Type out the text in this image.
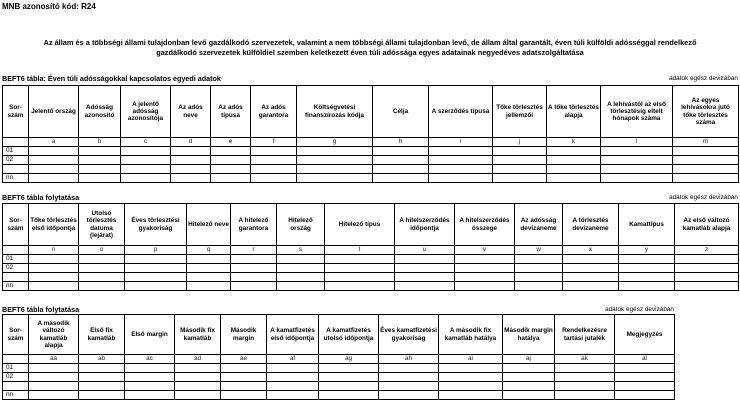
MNB azonosító kód: R24
Az állam és a többségi állami tulajdonban levő gazdálkodó szervezetek, valamint a nem többségi állami tulajdonban levő, de állam által garantált, éven túli külföldi adósséggal rendelkező
gazdálkodó szervezetek külföldiel szemben keletkezett éven túli adóssága egyes adatainak negyedéves adatszolgáltatása
BEFT6 tábla: Éven túli adósságokkal kapcsolatos egyedi adatok	adatok egész devizában
Sor- szám	Jelentő ország	Adósság azonosító	A jelentő adósság azonosítója	Az adós neve	Az adós típusa	Az adós garantora	Költségvetési finanszírozás kódja	Célja	A szerződés típusa	Tőke törlesztés jellemzői	A tőke törlesztés alapja	A lehívástól az első törlesztésig eltelt hónapok száma	Az egyes lehívásokra jutó tőke törlesztés száma
	a	b	c	d	e	f	g	h	i	j	k	l	m
01													
02													

nn													
BEFT6 tábla folytatása	adatok egész devizában
Sor- szám	Tőke törlesztés első időpontja	Utolsó törlesztés datuma (lejárat)	Éves törlesztési gyakoriság	Hitelező neve	A hitelező garantora	Hitelező ország	Hitelező típus	A hitelszerződés időpontja	A hitelszerződés összege	Az adósság devizaneme	A törlesztés devizaneme	Kamattípus	Az első változó kamatláb alapja
	n	o	p	q	r	s	t	u	v	w	x	y	z
01													
02													

nn													
BEFT6 tábla folytatása	adatok egész devizában
Sor- szám	A második változó kamatláb alapja	Első fix kamatláb	Első margin	Második fix kamatláb	Második margin	A kamatfizetés első időpontja	A kamatfizetés utolsó időpontja	Éves kamatfizetési gyakoriság	A második fix kamatláb hatálya	Második margin hatálya	Rendelkezésre tartási jutalék	Megjegyzés
	aa	ab	ac	ad	ae	af	ag	ah	ai	aj	ak	al
01												
02												

nn												
